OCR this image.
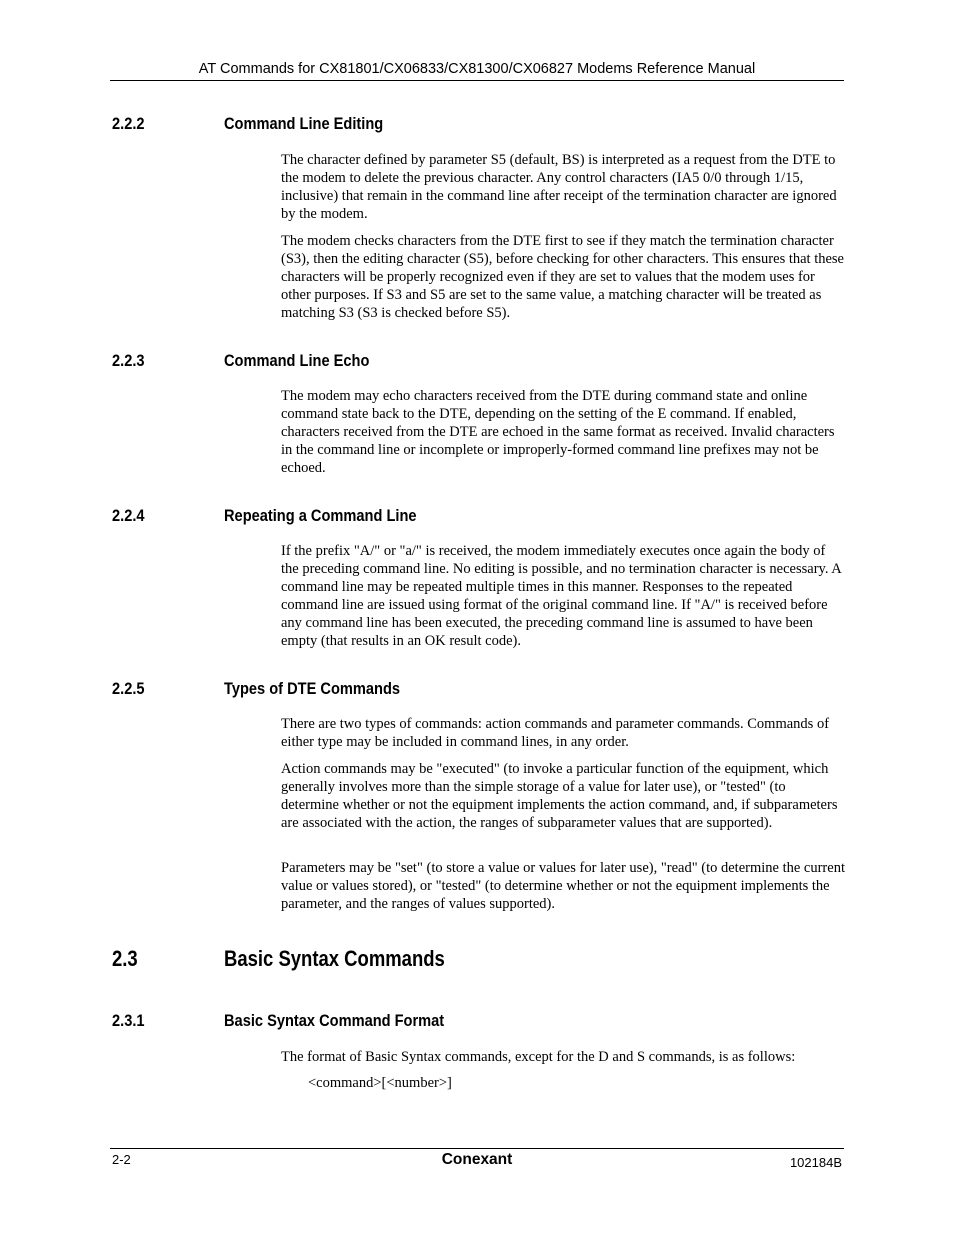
AT Commands for CX81801/CX06833/CX81300/CX06827 Modems Reference Manual
2.2.2	Command Line Editing

The character defined by parameter S5 (default, BS) is interpreted as a request from the DTE to the modem to delete the previous character. Any control characters (IA5 0/0 through 1/15, inclusive) that remain in the command line after receipt of the termination character are ignored by the modem.

The modem checks characters from the DTE first to see if they match the termination character (S3), then the editing character (S5), before checking for other characters. This ensures that these characters will be properly recognized even if they are set to values that the modem uses for other purposes. If S3 and S5 are set to the same value, a matching character will be treated as matching S3 (S3 is checked before S5).

2.2.3	Command Line Echo

The modem may echo characters received from the DTE during command state and online command state back to the DTE, depending on the setting of the E command. If enabled, characters received from the DTE are echoed in the same format as received. Invalid characters in the command line or incomplete or improperly-formed command line prefixes may not be echoed.

2.2.4	Repeating a Command Line

If the prefix "A/" or "a/" is received, the modem immediately executes once again the body of the preceding command line. No editing is possible, and no termination character is necessary. A command line may be repeated multiple times in this manner. Responses to the repeated command line are issued using format of the original command line. If "A/" is received before any command line has been executed, the preceding command line is assumed to have been empty (that results in an OK result code).

2.2.5	Types of DTE Commands

There are two types of commands: action commands and parameter commands. Commands of either type may be included in command lines, in any order.

Action commands may be "executed" (to invoke a particular function of the equipment, which generally involves more than the simple storage of a value for later use), or "tested" (to determine whether or not the equipment implements the action command, and, if subparameters are associated with the action, the ranges of subparameter values that are supported).

Parameters may be "set" (to store a value or values for later use), "read" (to determine the current value or values stored), or "tested" (to determine whether or not the equipment implements the parameter, and the ranges of values supported).

2.3	Basic Syntax Commands
2.3.1	Basic Syntax Command Format

The format of Basic Syntax commands, except for the D and S commands, is as follows:

<command>[<number>]

2-2	Conexant	102184B
